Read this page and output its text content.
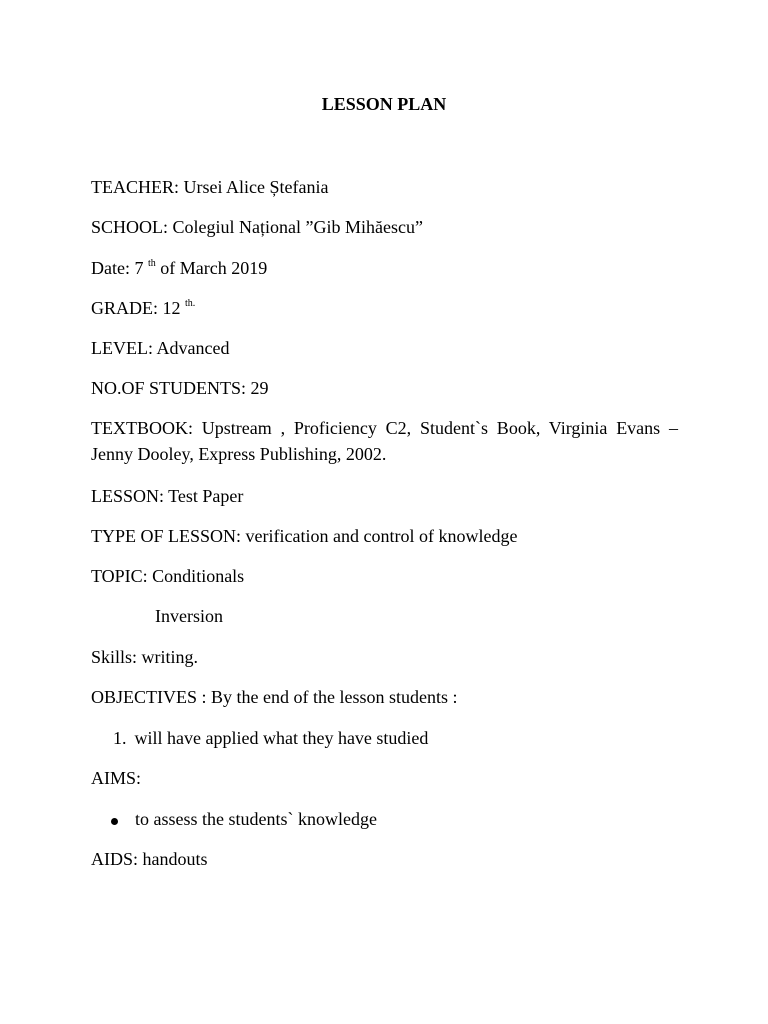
LESSON PLAN
TEACHER: Ursei Alice Ștefania
SCHOOL: Colegiul Național ”Gib Mihăescu”
Date: 7 $^{th}$ of March 2019
GRADE: 12 $^{th.}$
LEVEL: Advanced
NO.OF STUDENTS: 29
TEXTBOOK: Upstream , Proficiency C2, Student`s Book, Virginia Evans – Jenny Dooley, Express Publishing, 2002.
LESSON: Test Paper
TYPE OF LESSON: verification and control of knowledge
TOPIC: Conditionals
Inversion
Skills: writing.
OBJECTIVES : By the end of the lesson students :
1. will have applied what they have studied
AIMS:
to assess the students` knowledge
AIDS: handouts
